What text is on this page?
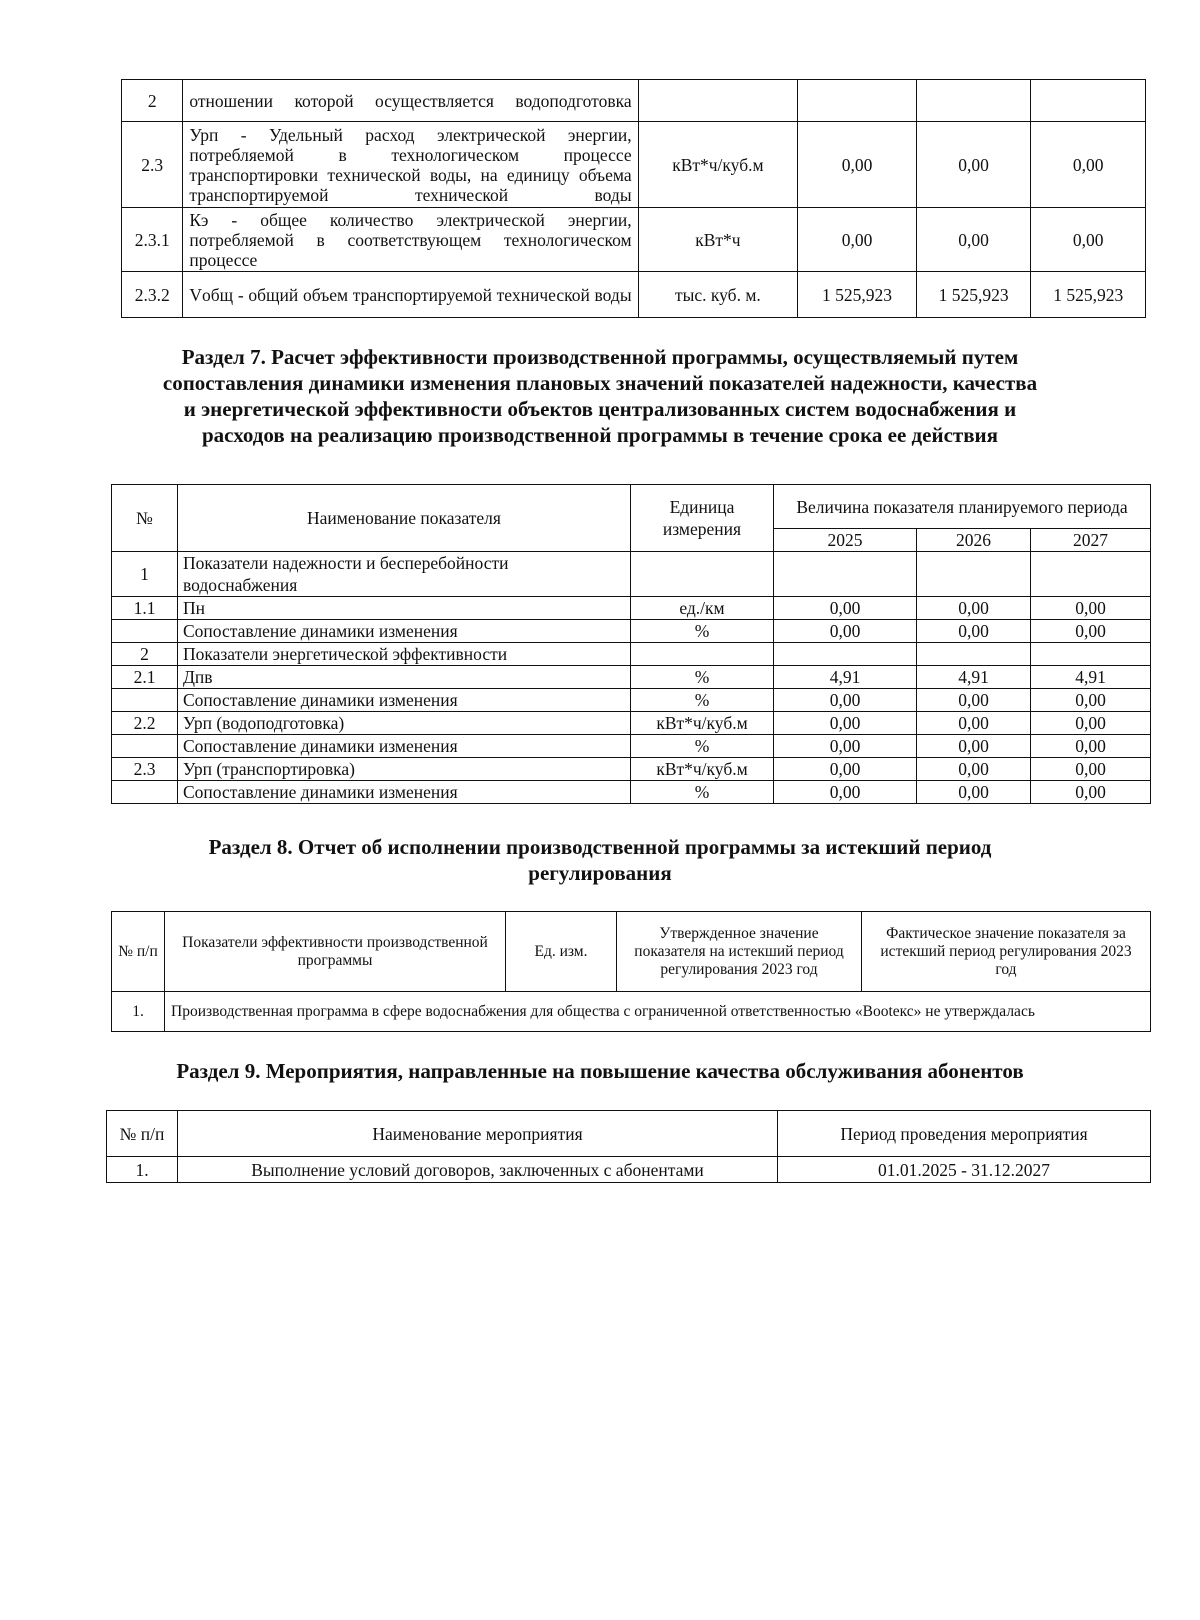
2	отношении которой осуществляется водоподготовка				
2.3	Урп - Удельный расход электрической энергии, потребляемой в технологическом процессе транспортировки технической воды, на единицу объема транспортируемой технической воды	кВт*ч/куб.м	0,00	0,00	0,00
2.3.1	Кэ - общее количество электрической энергии, потребляемой в соответствующем технологическом процессе	кВт*ч	0,00	0,00	0,00
2.3.2	Vобщ - общий объем транспортируемой технической воды	тыс. куб. м.	1 525,923	1 525,923	1 525,923
Раздел 7. Расчет эффективности производственной программы, осуществляемый путем
сопоставления динамики изменения плановых значений показателей надежности, качества
и энергетической эффективности объектов централизованных систем водоснабжения и
расходов на реализацию производственной программы в течение срока ее действия
№	Наименование показателя	Единица измерения	Величина показателя планируемого периода		
			2025	2026	2027
1	Показатели надежности и бесперебойности водоснабжения				
1.1	Пн	ед./км	0,00	0,00	0,00
	Сопоставление динамики изменения	%	0,00	0,00	0,00
2	Показатели энергетической эффективности				
2.1	Дпв	%	4,91	4,91	4,91
	Сопоставление динамики изменения	%	0,00	0,00	0,00
2.2	Урп (водоподготовка)	кВт*ч/куб.м	0,00	0,00	0,00
	Сопоставление динамики изменения	%	0,00	0,00	0,00
2.3	Урп (транспортировка)	кВт*ч/куб.м	0,00	0,00	0,00
	Сопоставление динамики изменения	%	0,00	0,00	0,00
Раздел 8. Отчет об исполнении производственной программы за истекший период
регулирования
№ п/п	Показатели эффективности производственной программы	Ед. изм.	Утвержденное значение показателя на истекший период регулирования 2023 год	Фактическое значение показателя за истекший период регулирования 2023 год
1.	Производственная программа в сфере водоснабжения для общества с ограниченной ответственностью «Вootекс» не утверждалась			
Раздел 9. Мероприятия, направленные на повышение качества обслуживания абонентов
№ п/п	Наименование мероприятия	Период проведения мероприятия
1.	Выполнение условий договоров, заключенных с абонентами	01.01.2025 - 31.12.2027
